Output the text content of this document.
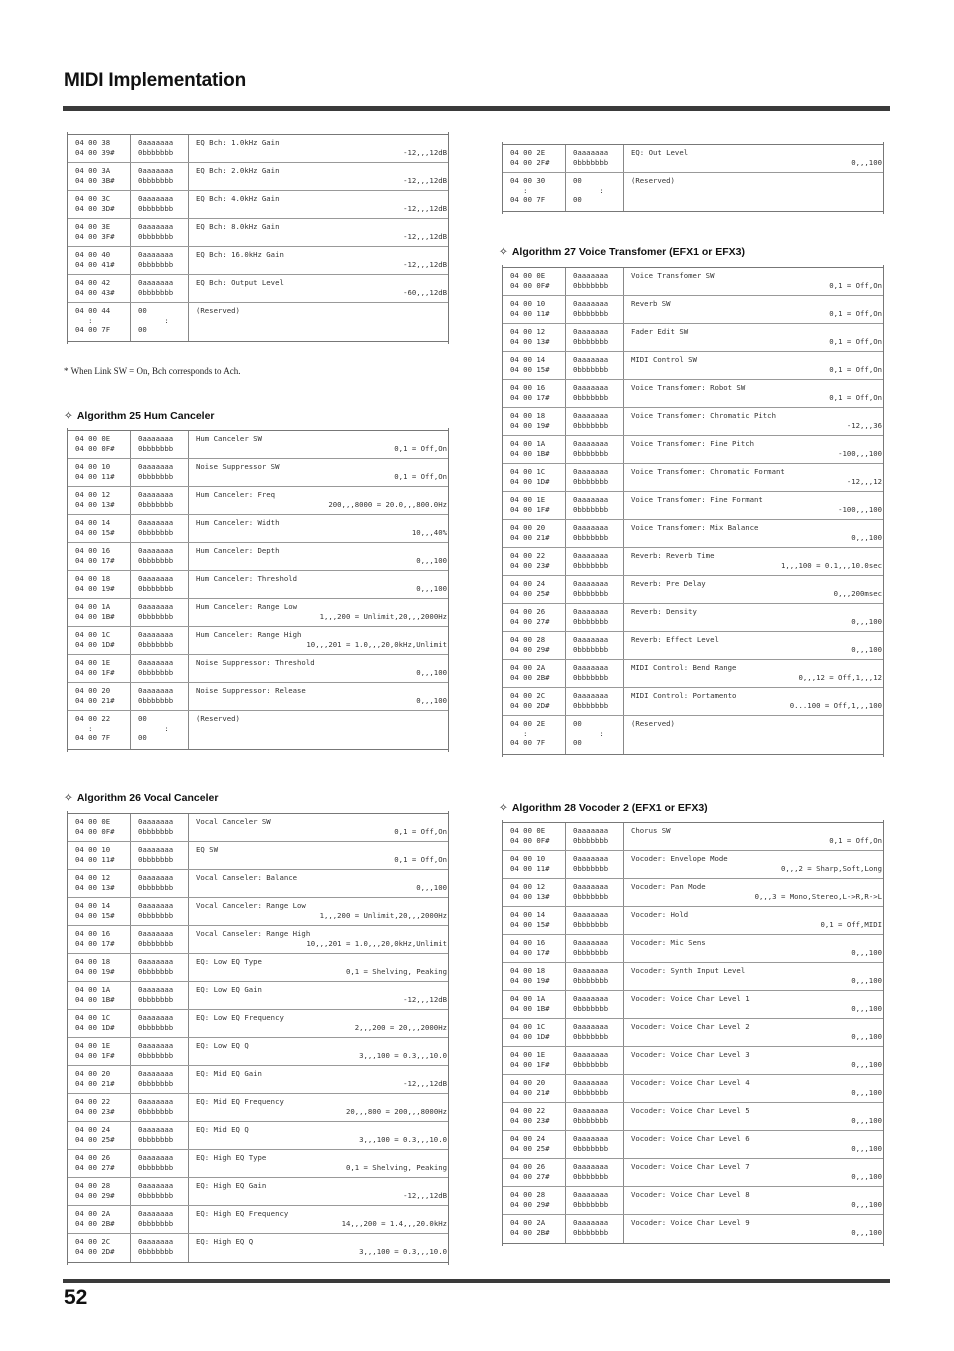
MIDI Implementation
04 00 38
04 00 39#
0aaaaaaa
0bbbbbbb
EQ Bch: 1.0kHz Gain
-12,,,12dB
04 00 3A
04 00 3B#
0aaaaaaa
0bbbbbbb
EQ Bch: 2.0kHz Gain
-12,,,12dB
04 00 3C
04 00 3D#
0aaaaaaa
0bbbbbbb
EQ Bch: 4.0kHz Gain
-12,,,12dB
04 00 3E
04 00 3F#
0aaaaaaa
0bbbbbbb
EQ Bch: 8.0kHz Gain
-12,,,12dB
04 00 40
04 00 41#
0aaaaaaa
0bbbbbbb
EQ Bch: 16.0kHz Gain
-12,,,12dB
04 00 42
04 00 43#
0aaaaaaa
0bbbbbbb
EQ Bch: Output Level
-60,,,12dB
04 00 44
:
04 00 7F
00
:
00
(Reserved)
* When Link SW = On, Bch corresponds to Ach.
✧ Algorithm 25 Hum Canceler
04 00 0E
04 00 0F#
0aaaaaaa
0bbbbbbb
Hum Canceler SW
0,1 = Off,On
04 00 10
04 00 11#
0aaaaaaa
0bbbbbbb
Noise Suppressor SW
0,1 = Off,On
04 00 12
04 00 13#
0aaaaaaa
0bbbbbbb
Hum Canceler: Freq
200,,,8000 = 20.0,,,800.0Hz
04 00 14
04 00 15#
0aaaaaaa
0bbbbbbb
Hum Canceler: Width
10,,,40%
04 00 16
04 00 17#
0aaaaaaa
0bbbbbbb
Hum Canceler: Depth
0,,,100
04 00 18
04 00 19#
0aaaaaaa
0bbbbbbb
Hum Canceler: Threshold
0,,,100
04 00 1A
04 00 1B#
0aaaaaaa
0bbbbbbb
Hum Canceler: Range Low
1,,,200 = Unlimit,20,,,2000Hz
04 00 1C
04 00 1D#
0aaaaaaa
0bbbbbbb
Hum Canceler: Range High
10,,,201 = 1.0,,,20,0kHz,Unlimit
04 00 1E
04 00 1F#
0aaaaaaa
0bbbbbbb
Noise Suppressor: Threshold
0,,,100
04 00 20
04 00 21#
0aaaaaaa
0bbbbbbb
Noise Suppressor: Release
0,,,100
04 00 22
:
04 00 7F
00
:
00
(Reserved)
✧ Algorithm 26 Vocal Canceler
04 00 0E
04 00 0F#
0aaaaaaa
0bbbbbbb
Vocal Canceler SW
0,1 = Off,On
04 00 10
04 00 11#
0aaaaaaa
0bbbbbbb
EQ SW
0,1 = Off,On
04 00 12
04 00 13#
0aaaaaaa
0bbbbbbb
Vocal Canseler: Balance
0,,,100
04 00 14
04 00 15#
0aaaaaaa
0bbbbbbb
Vocal Canceler: Range Low
1,,,200 = Unlimit,20,,,2000Hz
04 00 16
04 00 17#
0aaaaaaa
0bbbbbbb
Vocal Canseler: Range High
10,,,201 = 1.0,,,20,0kHz,Unlimit
04 00 18
04 00 19#
0aaaaaaa
0bbbbbbb
EQ: Low EQ Type
0,1 = Shelving, Peaking
04 00 1A
04 00 1B#
0aaaaaaa
0bbbbbbb
EQ: Low EQ Gain
-12,,,12dB
04 00 1C
04 00 1D#
0aaaaaaa
0bbbbbbb
EQ: Low EQ Frequency
2,,,200 = 20,,,2000Hz
04 00 1E
04 00 1F#
0aaaaaaa
0bbbbbbb
EQ: Low EQ Q
3,,,100 = 0.3,,,10.0
04 00 20
04 00 21#
0aaaaaaa
0bbbbbbb
EQ: Mid EQ Gain
-12,,,12dB
04 00 22
04 00 23#
0aaaaaaa
0bbbbbbb
EQ: Mid EQ Frequency
20,,,800 = 200,,,8000Hz
04 00 24
04 00 25#
0aaaaaaa
0bbbbbbb
EQ: Mid EQ Q
3,,,100 = 0.3,,,10.0
04 00 26
04 00 27#
0aaaaaaa
0bbbbbbb
EQ: High EQ Type
0,1 = Shelving, Peaking
04 00 28
04 00 29#
0aaaaaaa
0bbbbbbb
EQ: High EQ Gain
-12,,,12dB
04 00 2A
04 00 2B#
0aaaaaaa
0bbbbbbb
EQ: High EQ Frequency
14,,,200 = 1.4,,,20.0kHz
04 00 2C
04 00 2D#
0aaaaaaa
0bbbbbbb
EQ: High EQ Q
3,,,100 = 0.3,,,10.0
04 00 2E
04 00 2F#
0aaaaaaa
0bbbbbbb
EQ: Out Level
0,,,100
04 00 30
:
04 00 7F
00
:
00
(Reserved)
✧ Algorithm 27 Voice Transfomer (EFX1 or EFX3)
04 00 0E
04 00 0F#
0aaaaaaa
0bbbbbbb
Voice Transfomer SW
0,1 = Off,On
04 00 10
04 00 11#
0aaaaaaa
0bbbbbbb
Reverb SW
0,1 = Off,On
04 00 12
04 00 13#
0aaaaaaa
0bbbbbbb
Fader Edit SW
0,1 = Off,On
04 00 14
04 00 15#
0aaaaaaa
0bbbbbbb
MIDI Control SW
0,1 = Off,On
04 00 16
04 00 17#
0aaaaaaa
0bbbbbbb
Voice Transfomer: Robot SW
0,1 = Off,On
04 00 18
04 00 19#
0aaaaaaa
0bbbbbbb
Voice Transfomer: Chromatic Pitch
-12,,,36
04 00 1A
04 00 1B#
0aaaaaaa
0bbbbbbb
Voice Transfomer: Fine Pitch
-100,,,100
04 00 1C
04 00 1D#
0aaaaaaa
0bbbbbbb
Voice Transfomer: Chromatic Formant
-12,,,12
04 00 1E
04 00 1F#
0aaaaaaa
0bbbbbbb
Voice Transfomer: Fine Formant
-100,,,100
04 00 20
04 00 21#
0aaaaaaa
0bbbbbbb
Voice Transfomer: Mix Balance
0,,,100
04 00 22
04 00 23#
0aaaaaaa
0bbbbbbb
Reverb: Reverb Time
1,,,100 = 0.1,,,10.0sec
04 00 24
04 00 25#
0aaaaaaa
0bbbbbbb
Reverb: Pre Delay
0,,,200msec
04 00 26
04 00 27#
0aaaaaaa
0bbbbbbb
Reverb: Density
0,,,100
04 00 28
04 00 29#
0aaaaaaa
0bbbbbbb
Reverb: Effect Level
0,,,100
04 00 2A
04 00 2B#
0aaaaaaa
0bbbbbbb
MIDI Control: Bend Range
0,,,12 = Off,1,,,12
04 00 2C
04 00 2D#
0aaaaaaa
0bbbbbbb
MIDI Control: Portamento
0...100 = Off,1,,,100
04 00 2E
:
04 00 7F
00
:
00
(Reserved)
✧ Algorithm 28 Vocoder 2 (EFX1 or EFX3)
04 00 0E
04 00 0F#
0aaaaaaa
0bbbbbbb
Chorus SW
0,1 = Off,On
04 00 10
04 00 11#
0aaaaaaa
0bbbbbbb
Vocoder: Envelope Mode
0,,,2 = Sharp,Soft,Long
04 00 12
04 00 13#
0aaaaaaa
0bbbbbbb
Vocoder: Pan Mode
0,,,3 = Mono,Stereo,L->R,R->L
04 00 14
04 00 15#
0aaaaaaa
0bbbbbbb
Vocoder: Hold
0,1 = Off,MIDI
04 00 16
04 00 17#
0aaaaaaa
0bbbbbbb
Vocoder: Mic Sens
0,,,100
04 00 18
04 00 19#
0aaaaaaa
0bbbbbbb
Vocoder: Synth Input Level
0,,,100
04 00 1A
04 00 1B#
0aaaaaaa
0bbbbbbb
Vocoder: Voice Char Level 1
0,,,100
04 00 1C
04 00 1D#
0aaaaaaa
0bbbbbbb
Vocoder: Voice Char Level 2
0,,,100
04 00 1E
04 00 1F#
0aaaaaaa
0bbbbbbb
Vocoder: Voice Char Level 3
0,,,100
04 00 20
04 00 21#
0aaaaaaa
0bbbbbbb
Vocoder: Voice Char Level 4
0,,,100
04 00 22
04 00 23#
0aaaaaaa
0bbbbbbb
Vocoder: Voice Char Level 5
0,,,100
04 00 24
04 00 25#
0aaaaaaa
0bbbbbbb
Vocoder: Voice Char Level 6
0,,,100
04 00 26
04 00 27#
0aaaaaaa
0bbbbbbb
Vocoder: Voice Char Level 7
0,,,100
04 00 28
04 00 29#
0aaaaaaa
0bbbbbbb
Vocoder: Voice Char Level 8
0,,,100
04 00 2A
04 00 2B#
0aaaaaaa
0bbbbbbb
Vocoder: Voice Char Level 9
0,,,100
52
